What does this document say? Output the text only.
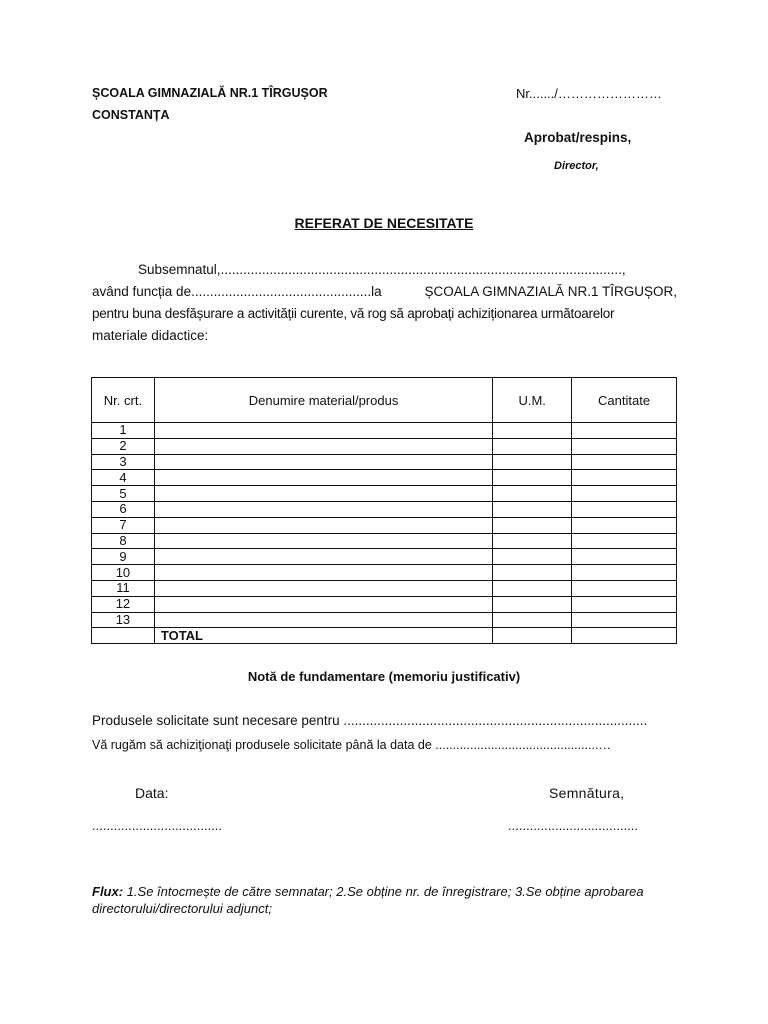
ȘCOALA GIMNAZIALĂ NR.1 TÎRGUȘOR
CONSTANȚA
Nr......./……………………
Aprobat/respins,
Director,
REFERAT DE NECESITATE
Subsemnatul,...........................................................................................................,
având funcția de................................................la	ȘCOALA GIMNAZIALĂ NR.1 TÎRGUȘOR,
pentru buna desfășurare a activității curente, vă rog să aprobați achiziționarea următoarelor
materiale didactice:
Nr. crt.	Denumire material/produs	U.M.	Cantitate
1			
2			
3			
4			
5			
6			
7			
8			
9			
10			
11			
12			
13			
	TOTAL		
Notă de fundamentare (memoriu justificativ)
Produsele solicitate sunt necesare pentru .................................................................................
Vă rugăm să achiziţionaţi produsele solicitate până la data de ...............................................…
Data:	Semnătura,
....................................	....................................
Flux: 1.Se întocmește de către semnatar; 2.Se obține nr. de înregistrare; 3.Se obține aprobarea directorului/directorului adjunct;
